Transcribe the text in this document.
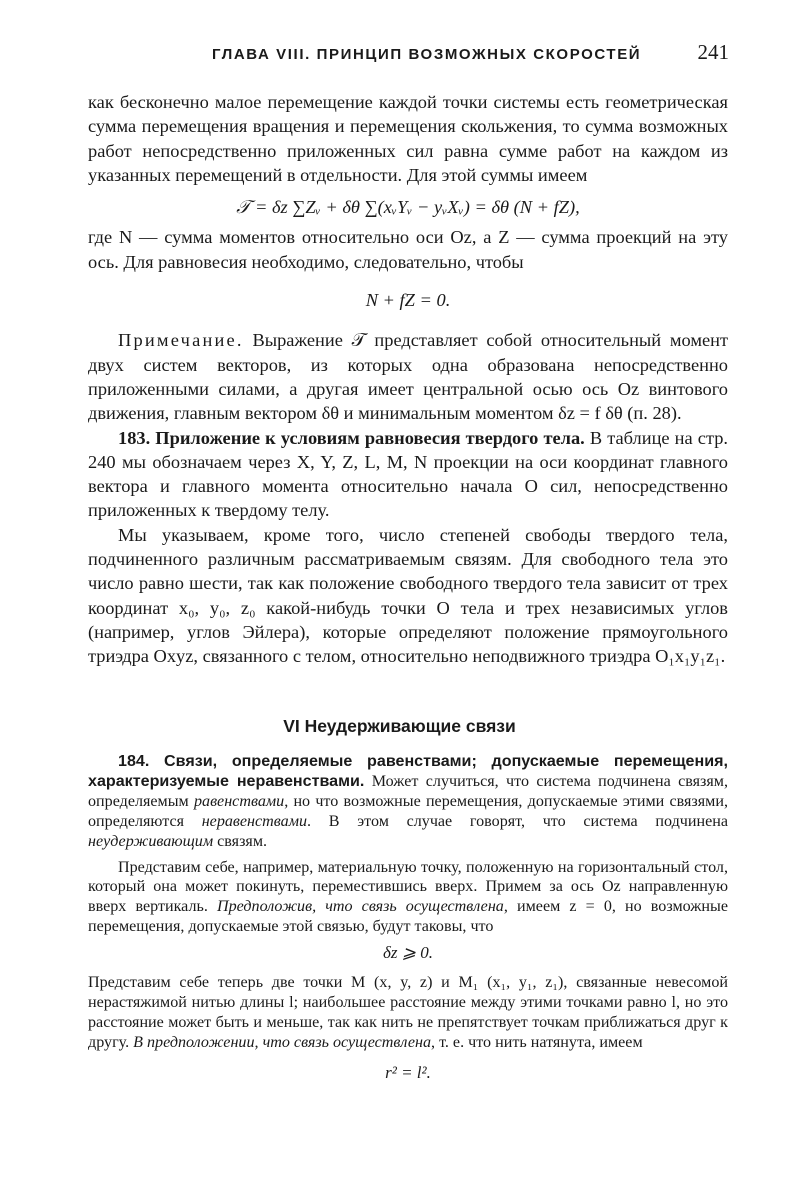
ГЛАВА VIII. ПРИНЦИП ВОЗМОЖНЫХ СКОРОСТЕЙ	241

как бесконечно малое перемещение каждой точки системы есть геометрическая сумма перемещения вращения и перемещения скольжения, то сумма возможных работ непосредственно приложенных сил равна сумме работ на каждом из указанных перемещений в отдельности. Для этой суммы имеем

𝒯 = δz ∑Zᵥ + δθ ∑(xᵥYᵥ − yᵥXᵥ) = δθ (N + fZ),

где N — сумма моментов относительно оси Oz, а Z — сумма проекций на эту ось. Для равновесия необходимо, следовательно, чтобы

N + fZ = 0.

Примечание. Выражение 𝒯 представляет собой относительный момент двух систем векторов, из которых одна образована непосредственно приложенными силами, а другая имеет центральной осью ось Oz винтового движения, главным вектором δθ и минимальным моментом δz = f δθ (п. 28).

183. Приложение к условиям равновесия твердого тела. В таблице на стр. 240 мы обозначаем через X, Y, Z, L, M, N проекции на оси координат главного вектора и главного момента относительно начала O сил, непосредственно приложенных к твердому телу.

Мы указываем, кроме того, число степеней свободы твердого тела, подчиненного различным рассматриваемым связям. Для свободного тела это число равно шести, так как положение свободного твердого тела зависит от трех координат x₀, y₀, z₀ какой-нибудь точки O тела и трех независимых углов (например, углов Эйлера), которые определяют положение прямоугольного триэдра Oxyz, связанного с телом, относительно неподвижного триэдра O₁x₁y₁z₁.

VI Неудерживающие связи

184. Связи, определяемые равенствами; допускаемые перемещения, характеризуемые неравенствами. Может случиться, что система подчинена связям, определяемым равенствами, но что возможные перемещения, допускаемые этими связями, определяются неравенствами. В этом случае говорят, что система подчинена неудерживающим связям.

Представим себе, например, материальную точку, положенную на горизонтальный стол, который она может покинуть, переместившись вверх. Примем за ось Oz направленную вверх вертикаль. Предположив, что связь осуществлена, имеем z = 0, но возможные перемещения, допускаемые этой связью, будут таковы, что

δz ⩾ 0.

Представим себе теперь две точки M (x, y, z) и M₁ (x₁, y₁, z₁), связанные невесомой нерастяжимой нитью длины l; наибольшее расстояние между этими точками равно l, но это расстояние может быть и меньше, так как нить не препятствует точкам приближаться друг к другу. В предположении, что связь осуществлена, т. е. что нить натянута, имеем

r² = l².
